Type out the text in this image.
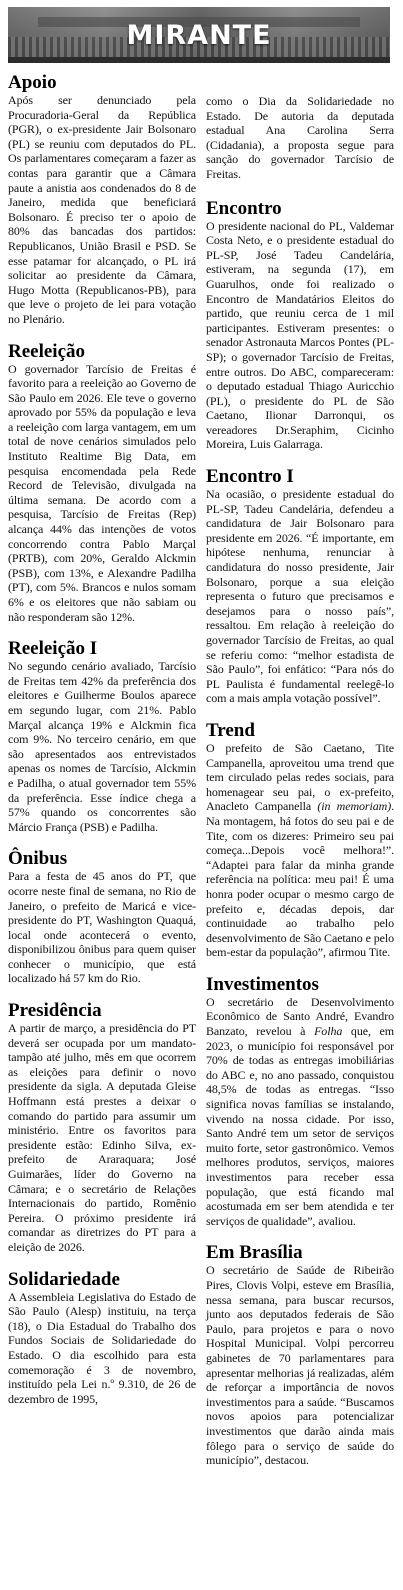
MIRANTE
Apoio

Após ser denunciado pela Procuradoria-Geral da República (PGR), o ex-presidente Jair Bolsonaro (PL) se reuniu com deputados do PL. Os parlamentares começaram a fazer as contas para garantir que a Câmara paute a anistia aos condenados do 8 de Janeiro, medida que beneficiará Bolsonaro. É preciso ter o apoio de 80% das bancadas dos partidos: Republicanos, União Brasil e PSD. Se esse patamar for alcançado, o PL irá solicitar ao presidente da Câmara, Hugo Motta (Republicanos-PB), para que leve o projeto de lei para votação no Plenário.

Reeleição

O governador Tarcísio de Freitas é favorito para a reeleição ao Governo de São Paulo em 2026. Ele teve o governo aprovado por 55% da população e leva a reeleição com larga vantagem, em um total de nove cenários simulados pelo Instituto Realtime Big Data, em pesquisa encomendada pela Rede Record de Televisão, divulgada na última semana. De acordo com a pesquisa, Tarcísio de Freitas (Rep) alcança 44% das intenções de votos concorrendo contra Pablo Marçal (PRTB), com 20%, Geraldo Alckmin (PSB), com 13%, e Alexandre Padilha (PT), com 5%. Brancos e nulos somam 6% e os eleitores que não sabiam ou não responderam são 12%.

Reeleição I

No segundo cenário avaliado, Tarcísio de Freitas tem 42% da preferência dos eleitores e Guilherme Boulos aparece em segundo lugar, com 21%. Pablo Marçal alcança 19% e Alckmin fica com 9%. No terceiro cenário, em que são apresentados aos entrevistados apenas os nomes de Tarcísio, Alckmin e Padilha, o atual governador tem 55% da preferência. Esse índice chega a 57% quando os concorrentes são Márcio França (PSB) e Padilha.

Ônibus

Para a festa de 45 anos do PT, que ocorre neste final de semana, no Rio de Janeiro, o prefeito de Maricá e vice-presidente do PT, Washington Quaquá, local onde acontecerá o evento, disponibilizou ônibus para quem quiser conhecer o município, que está localizado há 57 km do Rio.

Presidência

A partir de março, a presidência do PT deverá ser ocupada por um mandato-tampão até julho, mês em que ocorrem as eleições para definir o novo presidente da sigla. A deputada Gleise Hoffmann está prestes a deixar o comando do partido para assumir um ministério. Entre os favoritos para presidente estão: Edinho Silva, ex-prefeito de Araraquara; José Guimarães, líder do Governo na Câmara; e o secretário de Relações Internacionais do partido, Romênio Pereira. O próximo presidente irá comandar as diretrizes do PT para a eleição de 2026.

Solidariedade

A Assembleia Legislativa do Estado de São Paulo (Alesp) instituiu, na terça (18), o Dia Estadual do Trabalho dos Fundos Sociais de Solidariedade do Estado. O dia escolhido para esta comemoração é 3 de novembro, instituído pela Lei n.º 9.310, de 26 de dezembro de 1995,

como o Dia da Solidariedade no Estado. De autoria da deputada estadual Ana Carolina Serra (Cidadania), a proposta segue para sanção do governador Tarcísio de Freitas.

Encontro

O presidente nacional do PL, Valdemar Costa Neto, e o presidente estadual do PL-SP, José Tadeu Candelária, estiveram, na segunda (17), em Guarulhos, onde foi realizado o Encontro de Mandatários Eleitos do partido, que reuniu cerca de 1 mil participantes. Estiveram presentes: o senador Astronauta Marcos Pontes (PL-SP); o governador Tarcísio de Freitas, entre outros. Do ABC, compareceram: o deputado estadual Thiago Auricchio (PL), o presidente do PL de São Caetano, Ilionar Darronqui, os vereadores Dr.Seraphim, Cicinho Moreira, Luis Galarraga.

Encontro I

Na ocasião, o presidente estadual do PL-SP, Tadeu Candelária, defendeu a candidatura de Jair Bolsonaro para presidente em 2026. “É importante, em hipótese nenhuma, renunciar à candidatura do nosso presidente, Jair Bolsonaro, porque a sua eleição representa o futuro que precisamos e desejamos para o nosso país”, ressaltou. Em relação à reeleição do governador Tarcísio de Freitas, ao qual se referiu como: “melhor estadista de São Paulo”, foi enfático: “Para nós do PL Paulista é fundamental reelegê-lo com a mais ampla votação possível”.

Trend

O prefeito de São Caetano, Tite Campanella, aproveitou uma trend que tem circulado pelas redes sociais, para homenagear seu pai, o ex-prefeito, Anacleto Campanella (in memoriam). Na montagem, há fotos do seu pai e de Tite, com os dizeres: Primeiro seu pai começa...Depois você melhora!”. “Adaptei para falar da minha grande referência na política: meu pai! É uma honra poder ocupar o mesmo cargo de prefeito e, décadas depois, dar continuidade ao trabalho pelo desenvolvimento de São Caetano e pelo bem-estar da população”, afirmou Tite.

Investimentos

O secretário de Desenvolvimento Econômico de Santo André, Evandro Banzato, revelou à Folha que, em 2023, o município foi responsável por 70% de todas as entregas imobiliárias do ABC e, no ano passado, conquistou 48,5% de todas as entregas. “Isso significa novas famílias se instalando, vivendo na nossa cidade. Por isso, Santo André tem um setor de serviços muito forte, setor gastronômico. Vemos melhores produtos, serviços, maiores investimentos para receber essa população, que está ficando mal acostumada em ser bem atendida e ter serviços de qualidade”, avaliou.

Em Brasília

O secretário de Saúde de Ribeirão Pires, Clovis Volpi, esteve em Brasília, nessa semana, para buscar recursos, junto aos deputados federais de São Paulo, para projetos e para o novo Hospital Municipal. Volpi percorreu gabinetes de 70 parlamentares para apresentar melhorias já realizadas, além de reforçar a importância de novos investimentos para a saúde. “Buscamos novos apoios para potencializar investimentos que darão ainda mais fôlego para o serviço de saúde do município”, destacou.
